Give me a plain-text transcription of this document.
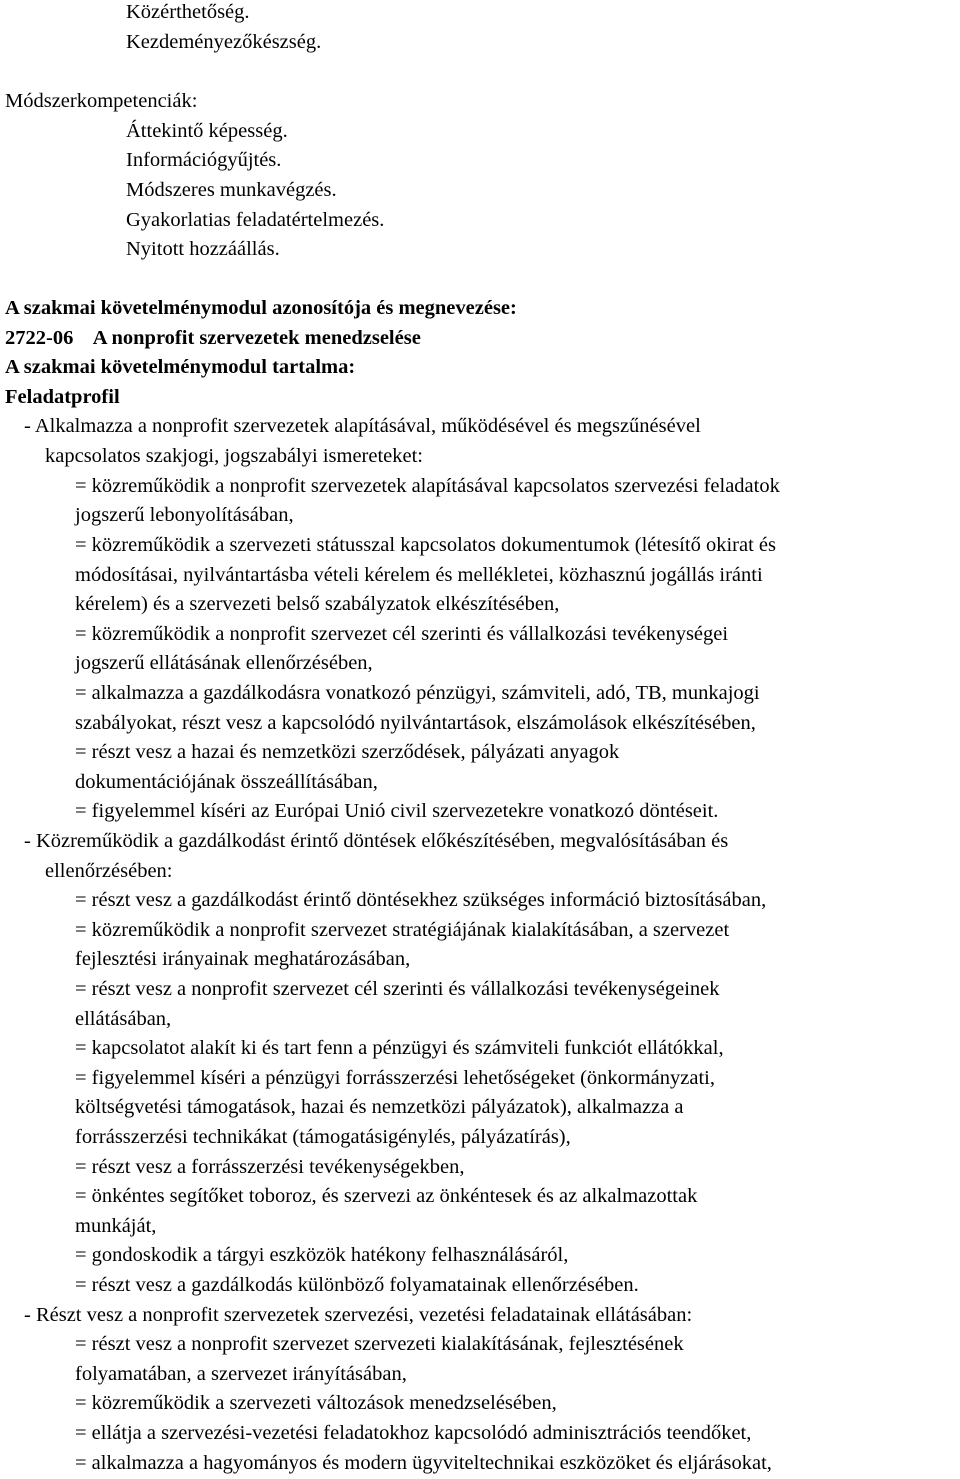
Közérthetőség.
Kezdeményezőkészség.
Módszerkompetenciák:
Áttekintő képesség.
Információgyűjtés.
Módszeres munkavégzés.
Gyakorlatias feladatértelmezés.
Nyitott hozzáállás.
A szakmai követelménymodul azonosítója és megnevezése:
2722-06    A nonprofit szervezetek menedzselése
A szakmai követelménymodul tartalma:
Feladatprofil
- Alkalmazza a nonprofit szervezetek alapításával, működésével és megszűnésével
kapcsolatos szakjogi, jogszabályi ismereteket:
= közreműködik a nonprofit szervezetek alapításával kapcsolatos szervezési feladatok
jogszerű lebonyolításában,
= közreműködik a szervezeti státusszal kapcsolatos dokumentumok (létesítő okirat és
módosításai, nyilvántartásba vételi kérelem és mellékletei, közhasznú jogállás iránti
kérelem) és a szervezeti belső szabályzatok elkészítésében,
= közreműködik a nonprofit szervezet cél szerinti és vállalkozási tevékenységei
jogszerű ellátásának ellenőrzésében,
= alkalmazza a gazdálkodásra vonatkozó pénzügyi, számviteli, adó, TB, munkajogi
szabályokat, részt vesz a kapcsolódó nyilvántartások, elszámolások elkészítésében,
= részt vesz a hazai és nemzetközi szerződések, pályázati anyagok
dokumentációjának összeállításában,
= figyelemmel kíséri az Európai Unió civil szervezetekre vonatkozó döntéseit.
- Közreműködik a gazdálkodást érintő döntések előkészítésében, megvalósításában és
ellenőrzésében:
= részt vesz a gazdálkodást érintő döntésekhez szükséges információ biztosításában,
= közreműködik a nonprofit szervezet stratégiájának kialakításában, a szervezet
fejlesztési irányainak meghatározásában,
= részt vesz a nonprofit szervezet cél szerinti és vállalkozási tevékenységeinek
ellátásában,
= kapcsolatot alakít ki és tart fenn a pénzügyi és számviteli funkciót ellátókkal,
= figyelemmel kíséri a pénzügyi forrásszerzési lehetőségeket (önkormányzati,
költségvetési támogatások, hazai és nemzetközi pályázatok), alkalmazza a
forrásszerzési technikákat (támogatásigénylés, pályázatírás),
= részt vesz a forrásszerzési tevékenységekben,
= önkéntes segítőket toboroz, és szervezi az önkéntesek és az alkalmazottak
munkáját,
= gondoskodik a tárgyi eszközök hatékony felhasználásáról,
= részt vesz a gazdálkodás különböző folyamatainak ellenőrzésében.
- Részt vesz a nonprofit szervezetek szervezési, vezetési feladatainak ellátásában:
= részt vesz a nonprofit szervezet szervezeti kialakításának, fejlesztésének
folyamatában, a szervezet irányításában,
= közreműködik a szervezeti változások menedzselésében,
= ellátja a szervezési-vezetési feladatokhoz kapcsolódó adminisztrációs teendőket,
= alkalmazza a hagyományos és modern ügyviteltechnikai eszközöket és eljárásokat,
